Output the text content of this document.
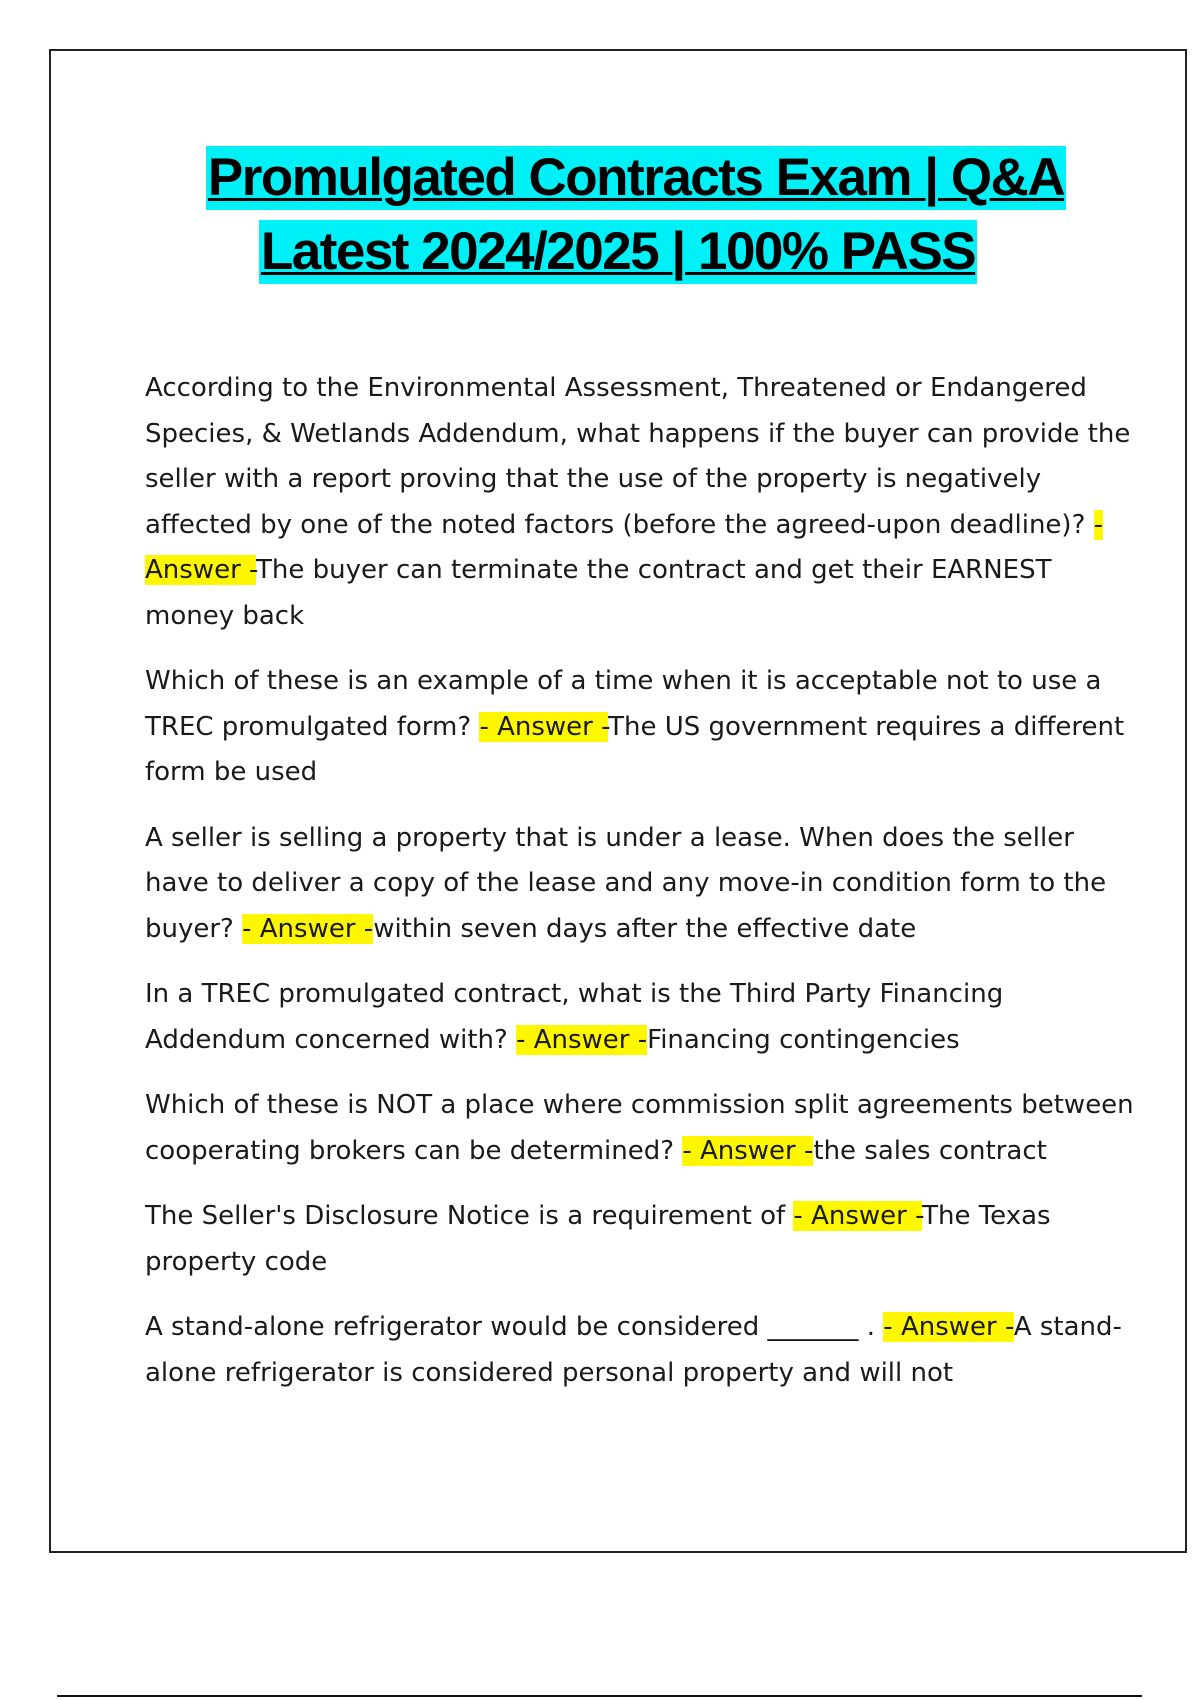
Promulgated Contracts Exam | Q&A
Latest 2024/2025 | 100% PASS

According to the Environmental Assessment, Threatened or Endangered Species, & Wetlands Addendum, what happens if the buyer can provide the seller with a report proving that the use of the property is negatively affected by one of the noted factors (before the agreed-upon deadline)? - Answer -The buyer can terminate the contract and get their EARNEST money back

Which of these is an example of a time when it is acceptable not to use a TREC promulgated form? - Answer -The US government requires a different form be used

A seller is selling a property that is under a lease. When does the seller have to deliver a copy of the lease and any move-in condition form to the buyer? - Answer -within seven days after the effective date

In a TREC promulgated contract, what is the Third Party Financing Addendum concerned with? - Answer -Financing contingencies

Which of these is NOT a place where commission split agreements between cooperating brokers can be determined? - Answer -the sales contract

The Seller's Disclosure Notice is a requirement of - Answer -The Texas property code

A stand-alone refrigerator would be considered _______ . - Answer -A stand-alone refrigerator is considered personal property and will not
